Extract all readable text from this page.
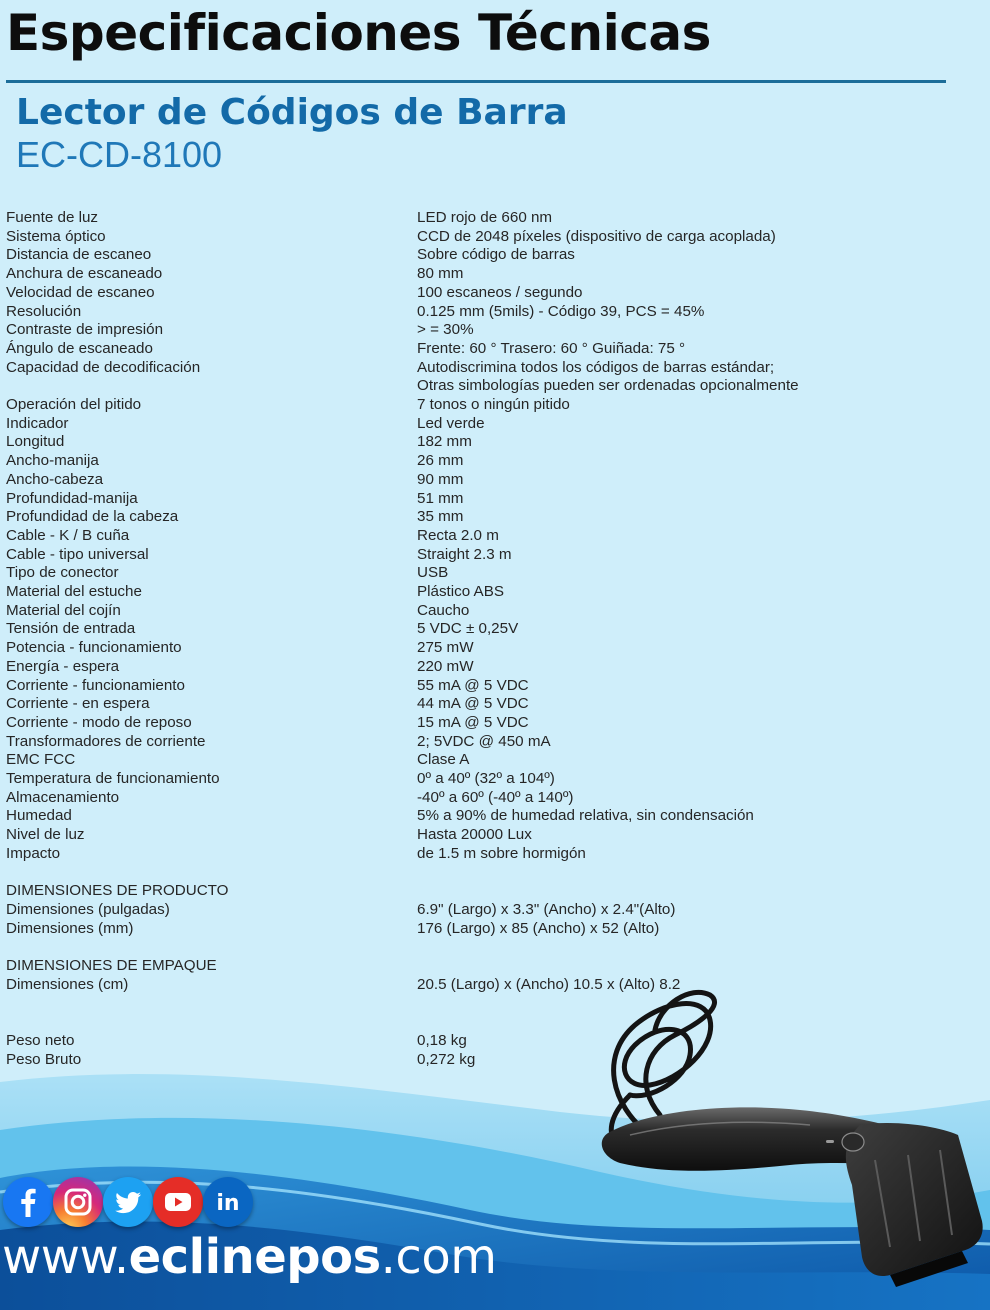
Especificaciones Técnicas
Lector de Códigos de Barra
EC-CD-8100
Fuente de luz	LED rojo de 660 nm
Sistema óptico	CCD de 2048 píxeles (dispositivo de carga acoplada)
Distancia de escaneo	Sobre código de barras
Anchura de escaneado	80 mm
Velocidad de escaneo	100 escaneos / segundo
Resolución	0.125 mm (5mils) - Código 39, PCS = 45%
Contraste de impresión	> = 30%
Ángulo de escaneado	Frente: 60 ° Trasero: 60 ° Guiñada: 75 °
Capacidad de decodificación	Autodiscrimina todos los códigos de barras estándar;
Otras simbologías pueden ser ordenadas opcionalmente
Operación del pitido	7 tonos o ningún pitido
Indicador	Led verde
Longitud	182 mm
Ancho-manija	26 mm
Ancho-cabeza	90 mm
Profundidad-manija	51 mm
Profundidad de la cabeza	35 mm
Cable - K / B cuña	Recta 2.0 m
Cable - tipo universal	Straight 2.3 m
Tipo de conector	USB
Material del estuche	Plástico ABS
Material del cojín	Caucho
Tensión de entrada	5 VDC ± 0,25V
Potencia - funcionamiento	275 mW
Energía - espera	220 mW
Corriente - funcionamiento	55 mA @ 5 VDC
Corriente - en espera	44 mA @ 5 VDC
Corriente - modo de reposo	15 mA @ 5 VDC
Transformadores de corriente	2; 5VDC @ 450 mA
EMC FCC	Clase A
Temperatura de funcionamiento	0º a 40º (32º a 104º)
Almacenamiento	-40º a 60º (-40º a 140º)
Humedad	5% a 90% de humedad relativa, sin condensación
Nivel de luz	Hasta 20000 Lux
Impacto	de 1.5 m sobre hormigón
DIMENSIONES DE PRODUCTO
Dimensiones (pulgadas)	6.9" (Largo) x 3.3" (Ancho) x 2.4"(Alto)
Dimensiones (mm)	176 (Largo) x 85 (Ancho) x 52 (Alto)
DIMENSIONES DE EMPAQUE
Dimensiones (cm)	20.5 (Largo) x (Ancho) 10.5 x (Alto) 8.2
Peso neto	0,18 kg
Peso Bruto	0,272 kg
in
www.eclinepos.com
